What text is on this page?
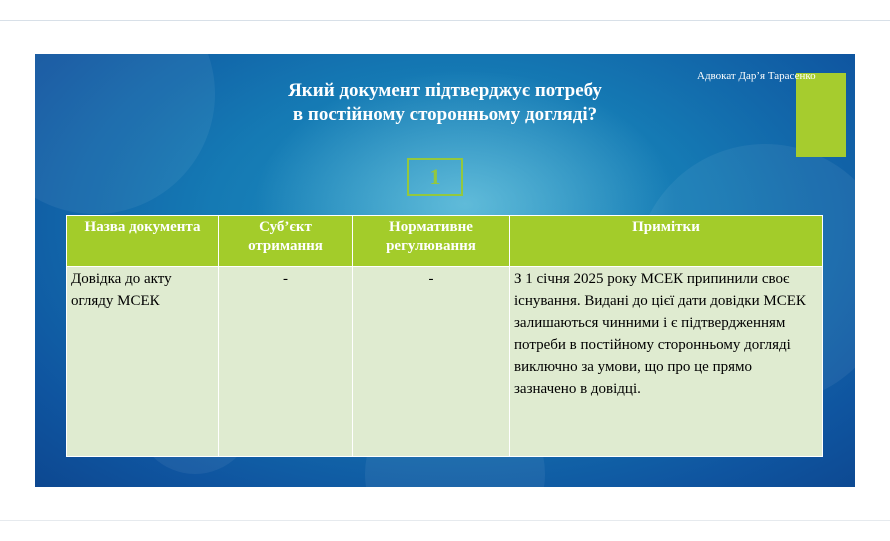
Адвокат Дар’я Тарасенко
Який документ підтверджує потребу
в постійному сторонньому догляді?
1
Назва документа	Суб’єкт отримання	Нормативне регулювання	Примітки
Довідка до акту огляду МСЕК	-	-	З 1 січня 2025 року МСЕК припинили своє існування. Видані до цієї дати довідки МСЕК залишаються чинними і є підтвердженням потреби в постійному сторонньому догляді виключно за умови, що про це прямо зазначено в довідці.
